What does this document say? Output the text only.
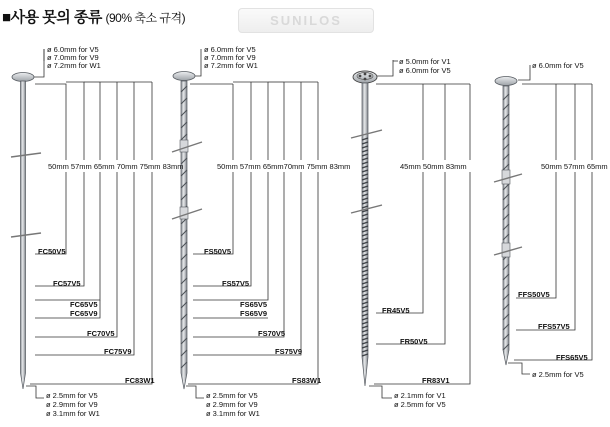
■사용 못의 종류 (90% 축소 규격)	SUNILOS
ø 6.0mm for V5
ø 7.0mm for V9
ø 7.2mm for W1
50mm 57mm 65mm 70mm 75mm 83mm
FC50V5
FC57V5
FC65V5
FC65V9
FC70V5
FC75V9
FC83W1
ø 2.5mm for V5
ø 2.9mm for V9
ø 3.1mm for W1
ø 6.0mm for V5
ø 7.0mm for V9
ø 7.2mm for W1
50mm 57mm 65mm70mm 75mm 83mm
FS50V5
FS57V5
FS65V5
FS65V9
FS70V5
FS75V9
FS83W1
ø 2.5mm for V5
ø 2.9mm for V9
ø 3.1mm for W1
ø 5.0mm for V1
ø 6.0mm for V5
45mm 50mm 83mm
FR45V5
FR50V5
FR83V1
ø 2.1mm for V1
ø 2.5mm for V5
ø 6.0mm for V5
50mm 57mm 65mm
FFS50V5
FFS57V5
FFS65V5
ø 2.5mm for V5
